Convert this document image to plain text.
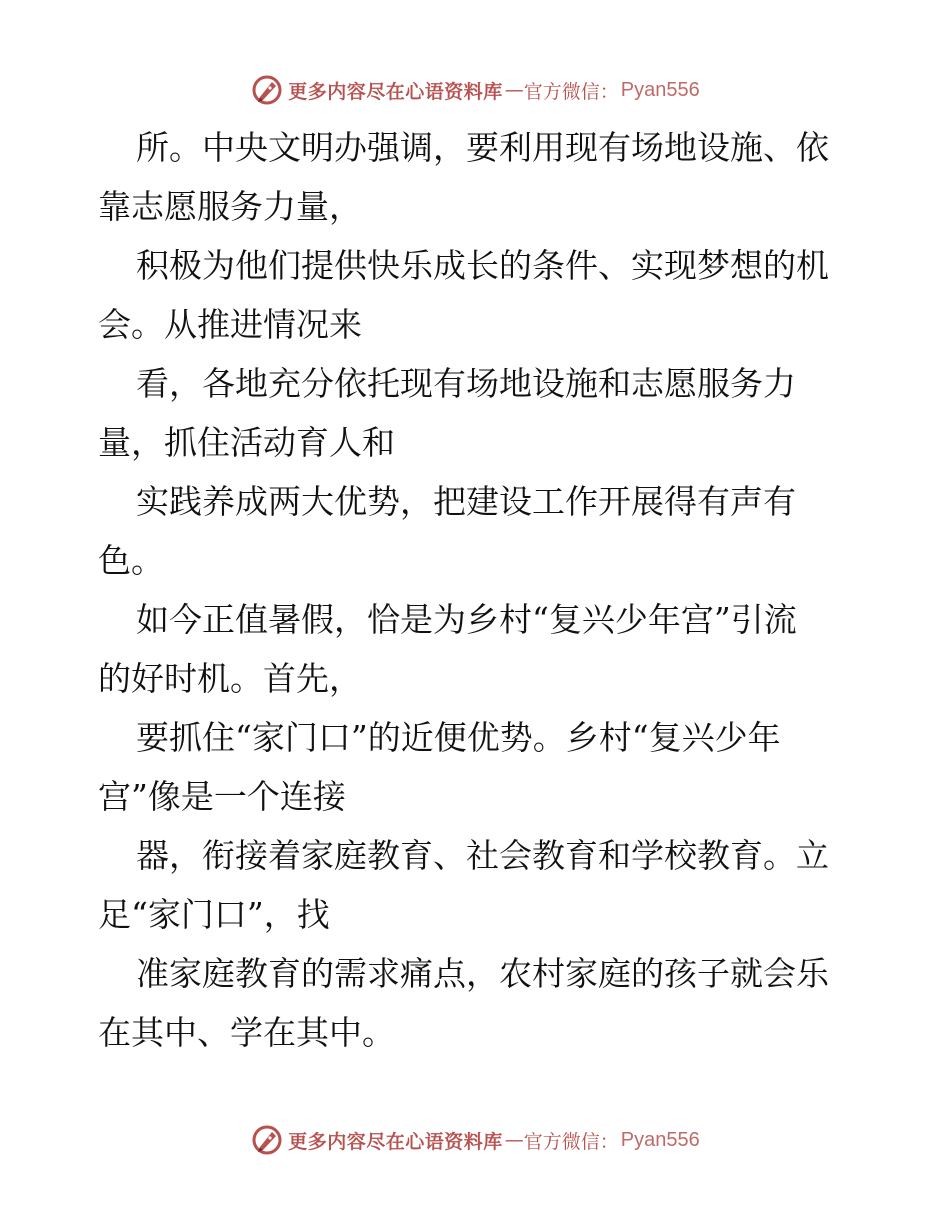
更多内容尽在心语资料库 — 官方微信： Pyan556
所。中央文明办强调，要利用现有场地设施、依
靠志愿服务力量，
积极为他们提供快乐成长的条件、实现梦想的机
会。从推进情况来
看，各地充分依托现有场地设施和志愿服务力
量，抓住活动育人和
实践养成两大优势，把建设工作开展得有声有
色。
如今正值暑假，恰是为乡村“复兴少年宫”引流
的好时机。首先，
要抓住“家门口”的近便优势。乡村“复兴少年
宫”像是一个连接
器，衔接着家庭教育、社会教育和学校教育。立
足“家门口”，找
准家庭教育的需求痛点，农村家庭的孩子就会乐
在其中、学在其中。
更多内容尽在心语资料库 — 官方微信： Pyan556
